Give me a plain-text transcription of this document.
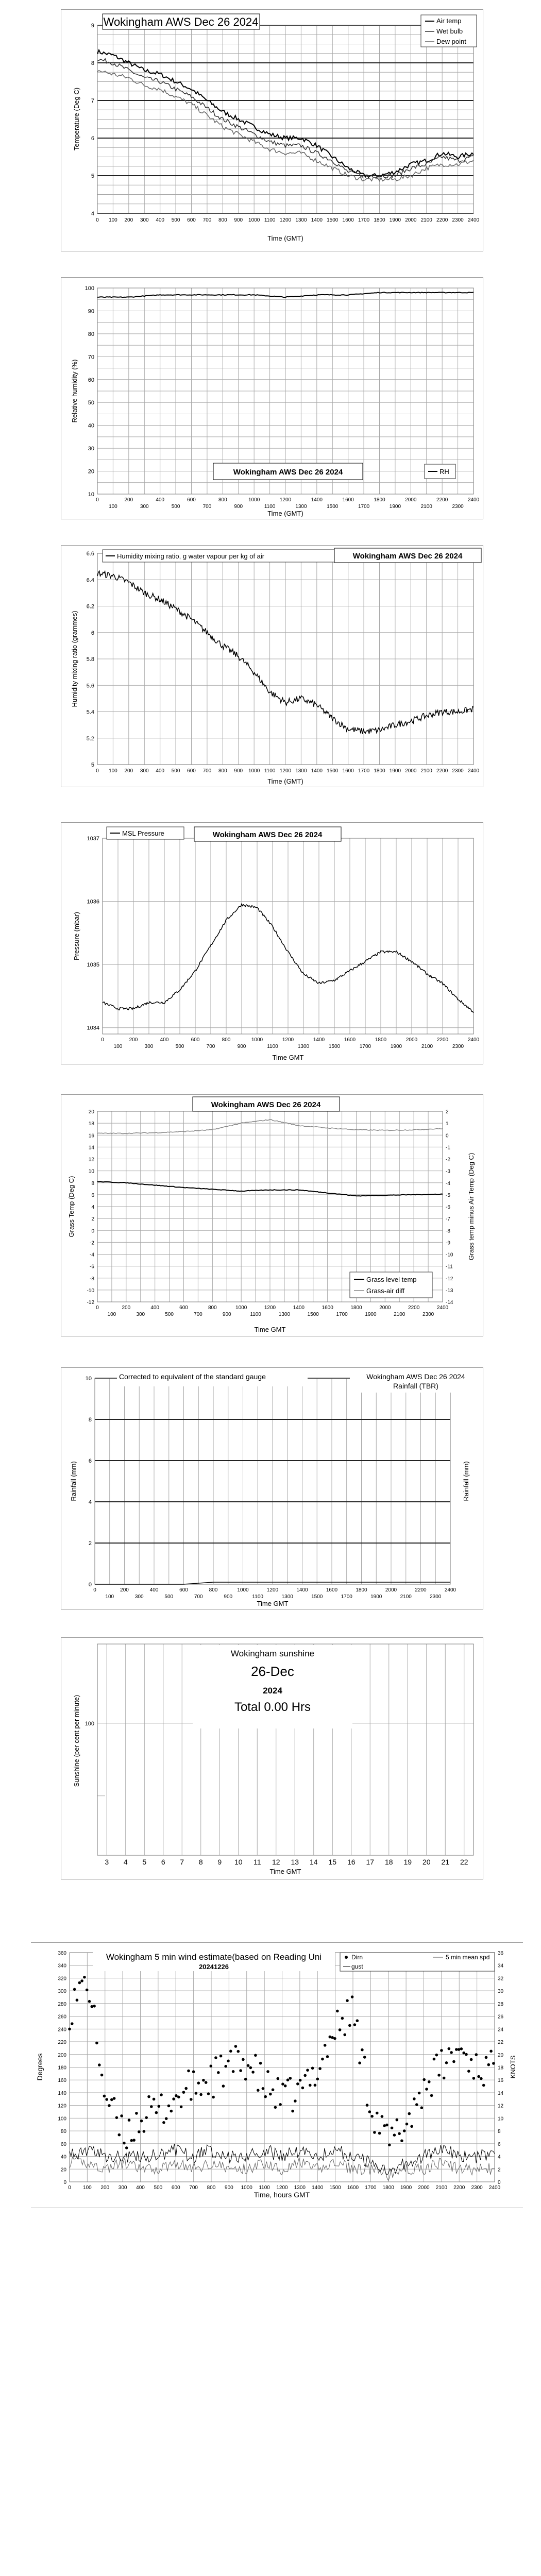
4
5
6
7
8
9
0 100 200 300 400 500 600 700 800 900 1000 1100 1200 1300 1400 1500 1600 1700 1800 1900 2000 2100 2200 2300 2400
Wokingham AWS Dec 26 2024	Air temp
Wet bulb
Dew point
Time (GMT)
Temperature (Deg C)
10
20
30
40
50
60
70
80
90
100
0	200	400	600	800	1000	1200	1400	1600	1800	2000	2200	2400
100	300	500	700	900	1100	1300	1500	1700	1900	2100	2300
Wokingham AWS Dec 26 2024	RH
Time (GMT)
Relative humidity (%)
5
5.2
5.4
5.6
5.8
6
6.2
6.4
6.6
0 100 200 300 400 500 600 700 800 900 1000 1100 1200 1300 1400 1500 1600 1700 1800 1900 2000 2100 2200 2300 2400
Humidity mixing ratio, g water vapour per kg of air	Wokingham AWS Dec 26 2024
Time (GMT)
Humidity mixing ratio (grammes)
1034
1035
1036
1037
0	200	400	600	800	1000	1200	1400	1600	1800	2000	2200	2400
100	300	500	700	900	1100	1300	1500	1700	1900	2100	2300
MSL Pressure	Wokingham AWS Dec 26 2024
Time GMT
Pressure (mbar)
-12
-10
-8
-6
-4
-2
0
2
4
6
8
10
12
14
16
18
20
-14
-13
-12
-11
-10
-9
-8
-7
-6
-5
-4
-3
-2
-1
0
1
2
0	200	400	600	800	1000	1200	1400	1600	1800	2000	2200	2400
100	300	500	700	900	1100	1300	1500	1700	1900	2100	2300
Wokingham AWS Dec 26 2024
Grass level temp
Grass-air diff
Time GMT
Grass Temp (Deg C)	Grass temp minus Air Temp (Deg C)
0
2
4
6
8
10
0	200	400	600	800	1000	1200	1400	1600	1800	2000	2200	2400
100	300	500	700	900	1100	1300	1500	1700	1900	2100	2300
Corrected to equivalent of the standard gauge	Wokingham AWS Dec 26 2024
Rainfall (TBR)
Time GMT
Rainfall (mm)	Rainfall (mm)
100
3 4 5 6 7 8 9 10 11 12 13 14 15 16 17 18 19 20 21 22
Wokingham sunshine
26-Dec
2024
Total 0.00 Hrs
Time GMT
Sunshine (per cent per minute)
0
20
40
60
80
100
120
140
160
180
200
220
240
260
280
300
320
340
360
0
2
4
6
8
10
12
14
16
18
20
22
24
26
28
30
32
34
36
0 100 200 300 400 500 600 700 800 900 1000 1100 1200 1300 1400 1500 1600 1700 1800 1900 2000 2100 2200 2300 2400
Wokingham 5 min wind estimate(based on Reading Uni
20241226
Dirn	5 min mean spd
gust
Time, hours GMT
Degrees	KNOTS
